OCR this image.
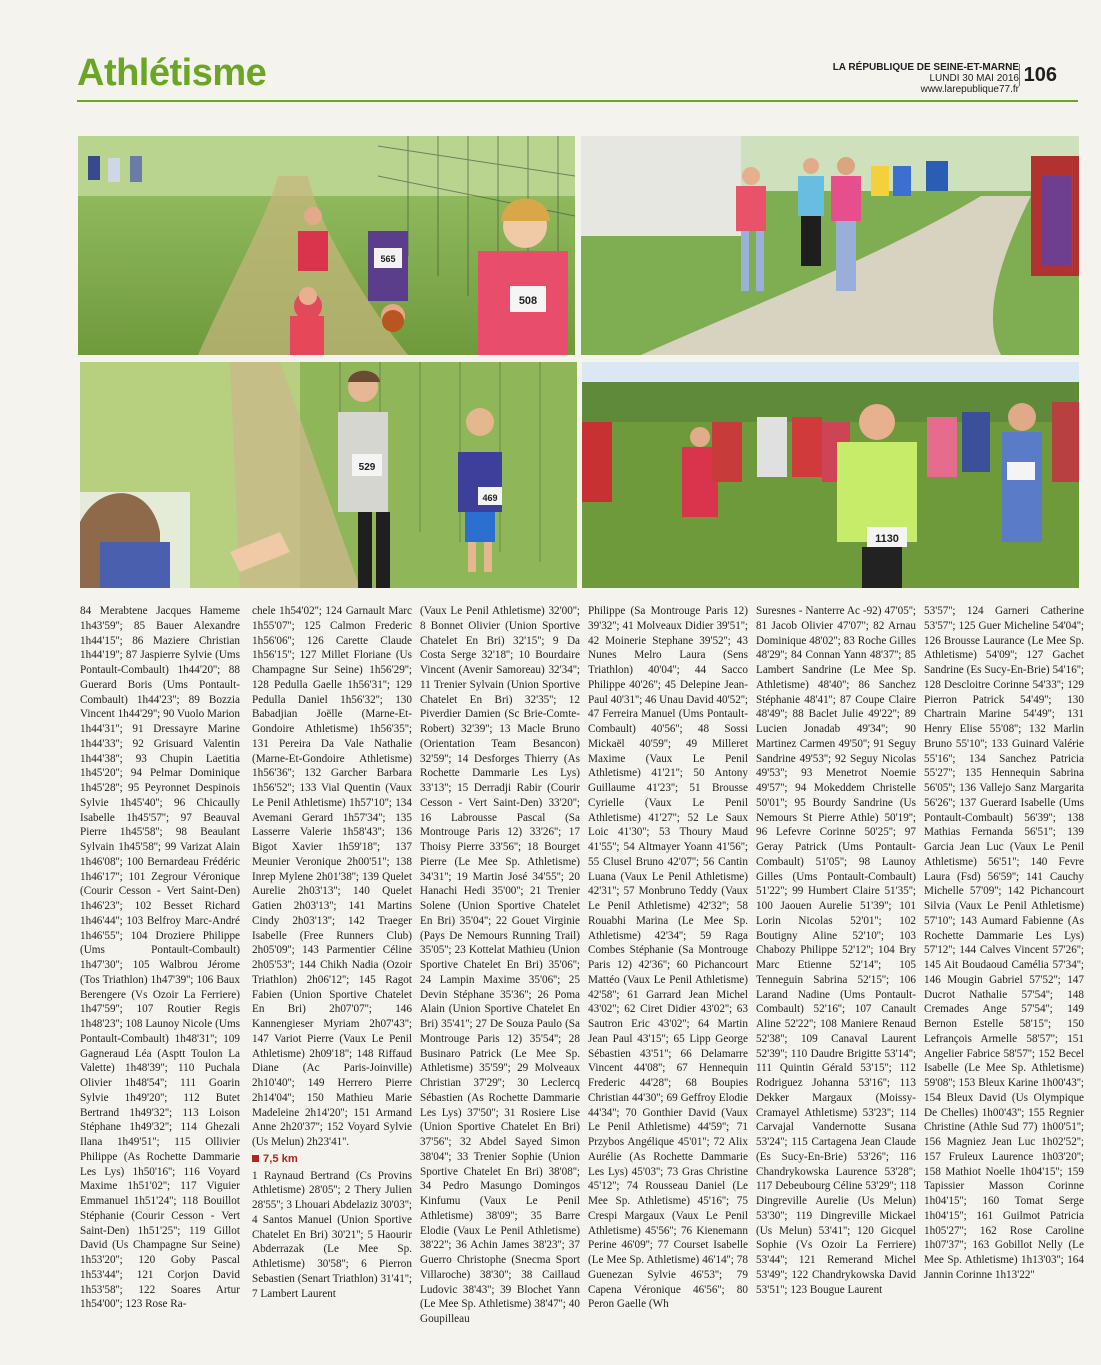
Athlétisme	LA RÉPUBLIQUE DE SEINE-ET-MARNE
LUNDI 30 MAI 2016
www.larepublique77.fr
106
508
565
529
469
1130
84 Merabtene Jacques Hameme 1h43'59''; 85 Bauer Alexandre 1h44'15''; 86 Maziere Christian 1h44'19''; 87 Jaspierre Sylvie (Ums Pontault-Combault) 1h44'20''; 88 Guerard Boris (Ums Pontault-Combault) 1h44'23''; 89 Bozzia Vincent 1h44'29''; 90 Vuolo Marion 1h44'31''; 91 Dressayre Marine 1h44'33''; 92 Grisuard Valentin 1h44'38''; 93 Chupin Laetitia 1h45'20''; 94 Pelmar Dominique 1h45'28''; 95 Peyronnet Despinois Sylvie 1h45'40''; 96 Chicaully Isabelle 1h45'57''; 97 Beauval Pierre 1h45'58''; 98 Beaulant Sylvain 1h45'58''; 99 Varizat Alain 1h46'08''; 100 Bernardeau Frédéric 1h46'17''; 101 Zegrour Véronique (Courir Cesson - Vert Saint-Den) 1h46'23''; 102 Besset Richard 1h46'44''; 103 Belfroy Marc-André 1h46'55''; 104 Droziere Philippe (Ums Pontault-Combault) 1h47'30''; 105 Walbrou Jérome (Tos Triathlon) 1h47'39''; 106 Baux Berengere (Vs Ozoir La Ferriere) 1h47'59''; 107 Routier Regis 1h48'23''; 108 Launoy Nicole (Ums Pontault-Combault) 1h48'31''; 109 Gagneraud Léa (Asptt Toulon La Valette) 1h48'39''; 110 Puchala Olivier 1h48'54''; 111 Goarin Sylvie 1h49'20''; 112 Butet Bertrand 1h49'32''; 113 Loison Stéphane 1h49'32''; 114 Ghezali Ilana 1h49'51''; 115 Ollivier Philippe (As Rochette Dammarie Les Lys) 1h50'16''; 116 Voyard Maxime 1h51'02''; 117 Viguier Emmanuel 1h51'24''; 118 Bouillot Stéphanie (Courir Cesson - Vert Saint-Den) 1h51'25''; 119 Gillot David (Us Champagne Sur Seine) 1h53'20''; 120 Goby Pascal 1h53'44''; 121 Corjon David 1h53'58''; 122 Soares Artur 1h54'00''; 123 Rose Ra-
chele 1h54'02''; 124 Garnault Marc 1h55'07''; 125 Calmon Frederic 1h56'06''; 126 Carette Claude 1h56'15''; 127 Millet Floriane (Us Champagne Sur Seine) 1h56'29''; 128 Pedulla Gaelle 1h56'31''; 129 Pedulla Daniel 1h56'32''; 130 Babadjian Joëlle (Marne-Et-Gondoire Athletisme) 1h56'35''; 131 Pereira Da Vale Nathalie (Marne-Et-Gondoire Athletisme) 1h56'36''; 132 Garcher Barbara 1h56'52''; 133 Vial Quentin (Vaux Le Penil Athletisme) 1h57'10''; 134 Avemani Gerard 1h57'34''; 135 Lasserre Valerie 1h58'43''; 136 Bigot Xavier 1h59'18''; 137 Meunier Veronique 2h00'51''; 138 Inrep Mylene 2h01'38''; 139 Quelet Aurelie 2h03'13''; 140 Quelet Gatien 2h03'13''; 141 Martins Cindy 2h03'13''; 142 Traeger Isabelle (Free Runners Club) 2h05'09''; 143 Parmentier Céline 2h05'53''; 144 Chikh Nadia (Ozoir Triathlon) 2h06'12''; 145 Ragot Fabien (Union Sportive Chatelet En Bri) 2h07'07''; 146 Kannengieser Myriam 2h07'43''; 147 Variot Pierre (Vaux Le Penil Athletisme) 2h09'18''; 148 Riffaud Diane (Ac Paris-Joinville) 2h10'40''; 149 Herrero Pierre 2h14'04''; 150 Mathieu Marie Madeleine 2h14'20''; 151 Armand Anne 2h20'37''; 152 Voyard Sylvie (Us Melun) 2h23'41''.
7,5 km
1 Raynaud Bertrand (Cs Provins Athletisme) 28'05''; 2 Thery Julien 28'55''; 3 Lhouari Abdelaziz 30'03''; 4 Santos Manuel (Union Sportive Chatelet En Bri) 30'21''; 5 Haourir Abderrazak (Le Mee Sp. Athletisme) 30'58''; 6 Pierron Sebastien (Senart Triathlon) 31'41''; 7 Lambert Laurent
(Vaux Le Penil Athletisme) 32'00''; 8 Bonnet Olivier (Union Sportive Chatelet En Bri) 32'15''; 9 Da Costa Serge 32'18''; 10 Bourdaire Vincent (Avenir Samoreau) 32'34''; 11 Trenier Sylvain (Union Sportive Chatelet En Bri) 32'35''; 12 Piverdier Damien (Sc Brie-Comte-Robert) 32'39''; 13 Macle Bruno (Orientation Team Besancon) 32'59''; 14 Desforges Thierry (As Rochette Dammarie Les Lys) 33'13''; 15 Derradji Rabir (Courir Cesson - Vert Saint-Den) 33'20''; 16 Labrousse Pascal (Sa Montrouge Paris 12) 33'26''; 17 Thoisy Pierre 33'56''; 18 Bourget Pierre (Le Mee Sp. Athletisme) 34'31''; 19 Martin José 34'55''; 20 Hanachi Hedi 35'00''; 21 Trenier Solene (Union Sportive Chatelet En Bri) 35'04''; 22 Gouet Virginie (Pays De Nemours Running Trail) 35'05''; 23 Kottelat Mathieu (Union Sportive Chatelet En Bri) 35'06''; 24 Lampin Maxime 35'06''; 25 Devin Stéphane 35'36''; 26 Poma Alain (Union Sportive Chatelet En Bri) 35'41''; 27 De Souza Paulo (Sa Montrouge Paris 12) 35'54''; 28 Businaro Patrick (Le Mee Sp. Athletisme) 35'59''; 29 Molveaux Christian 37'29''; 30 Leclercq Sébastien (As Rochette Dammarie Les Lys) 37'50''; 31 Rosiere Lise (Union Sportive Chatelet En Bri) 37'56''; 32 Abdel Sayed Simon 38'04''; 33 Trenier Sophie (Union Sportive Chatelet En Bri) 38'08''; 34 Pedro Masungo Domingos Kinfumu (Vaux Le Penil Athletisme) 38'09''; 35 Barre Elodie (Vaux Le Penil Athletisme) 38'22''; 36 Achin James 38'23''; 37 Guerro Christophe (Snecma Sport Villaroche) 38'30''; 38 Caillaud Ludovic 38'43''; 39 Blochet Yann (Le Mee Sp. Athletisme) 38'47''; 40 Goupilleau
Philippe (Sa Montrouge Paris 12) 39'32''; 41 Molveaux Didier 39'51''; 42 Moinerie Stephane 39'52''; 43 Nunes Melro Laura (Sens Triathlon) 40'04''; 44 Sacco Philippe 40'26''; 45 Delepine Jean-Paul 40'31''; 46 Unau David 40'52''; 47 Ferreira Manuel (Ums Pontault-Combault) 40'56''; 48 Sossi Mickaël 40'59''; 49 Milleret Maxime (Vaux Le Penil Athletisme) 41'21''; 50 Antony Guillaume 41'23''; 51 Brousse Cyrielle (Vaux Le Penil Athletisme) 41'27''; 52 Le Saux Loic 41'30''; 53 Thoury Maud 41'55''; 54 Altmayer Yoann 41'56''; 55 Clusel Bruno 42'07''; 56 Cantin Luana (Vaux Le Penil Athletisme) 42'31''; 57 Monbruno Teddy (Vaux Le Penil Athletisme) 42'32''; 58 Rouabhi Marina (Le Mee Sp. Athletisme) 42'34''; 59 Raga Combes Stéphanie (Sa Montrouge Paris 12) 42'36''; 60 Pichancourt Mattéo (Vaux Le Penil Athletisme) 42'58''; 61 Garrard Jean Michel 43'02''; 62 Ciret Didier 43'02''; 63 Sautron Eric 43'02''; 64 Martin Jean Paul 43'15''; 65 Lipp George Sébastien 43'51''; 66 Delamarre Vincent 44'08''; 67 Hennequin Frederic 44'28''; 68 Boupies Christian 44'30''; 69 Geffroy Elodie 44'34''; 70 Gonthier David (Vaux Le Penil Athletisme) 44'59''; 71 Przybos Angélique 45'01''; 72 Alix Aurélie (As Rochette Dammarie Les Lys) 45'03''; 73 Gras Christine 45'12''; 74 Rousseau Daniel (Le Mee Sp. Athletisme) 45'16''; 75 Crespi Margaux (Vaux Le Penil Athletisme) 45'56''; 76 Kienemann Perine 46'09''; 77 Courset Isabelle (Le Mee Sp. Athletisme) 46'14''; 78 Guenezan Sylvie 46'53''; 79 Capena Véronique 46'56''; 80 Peron Gaelle (Wh
Suresnes - Nanterre Ac -92) 47'05''; 81 Jacob Olivier 47'07''; 82 Arnau Dominique 48'02''; 83 Roche Gilles 48'29''; 84 Connan Yann 48'37''; 85 Lambert Sandrine (Le Mee Sp. Athletisme) 48'40''; 86 Sanchez Stéphanie 48'41''; 87 Coupe Claire 48'49''; 88 Baclet Julie 49'22''; 89 Lucien Jonadab 49'34''; 90 Martinez Carmen 49'50''; 91 Seguy Sandrine 49'53''; 92 Seguy Nicolas 49'53''; 93 Menetrot Noemie 49'57''; 94 Mokeddem Christelle 50'01''; 95 Bourdy Sandrine (Us Nemours St Pierre Athle) 50'19''; 96 Lefevre Corinne 50'25''; 97 Geray Patrick (Ums Pontault-Combault) 51'05''; 98 Launoy Gilles (Ums Pontault-Combault) 51'22''; 99 Humbert Claire 51'35''; 100 Jaouen Aurelie 51'39''; 101 Lorin Nicolas 52'01''; 102 Boutigny Aline 52'10''; 103 Chabozy Philippe 52'12''; 104 Bry Marc Etienne 52'14''; 105 Tenneguin Sabrina 52'15''; 106 Larand Nadine (Ums Pontault-Combault) 52'16''; 107 Canault Aline 52'22''; 108 Maniere Renaud 52'38''; 109 Canaval Laurent 52'39''; 110 Daudre Brigitte 53'14''; 111 Quintin Gérald 53'15''; 112 Rodriguez Johanna 53'16''; 113 Dekker Margaux (Moissy-Cramayel Athletisme) 53'23''; 114 Carvajal Vandernotte Susana 53'24''; 115 Cartagena Jean Claude (Es Sucy-En-Brie) 53'26''; 116 Chandrykowska Laurence 53'28''; 117 Debeubourg Céline 53'29''; 118 Dingreville Aurelie (Us Melun) 53'30''; 119 Dingreville Mickael (Us Melun) 53'41''; 120 Gicquel Sophie (Vs Ozoir La Ferriere) 53'44''; 121 Remerand Michel 53'49''; 122 Chandrykowska David 53'51''; 123 Bougue Laurent
53'57''; 124 Garneri Catherine 53'57''; 125 Guer Micheline 54'04''; 126 Brousse Laurance (Le Mee Sp. Athletisme) 54'09''; 127 Gachet Sandrine (Es Sucy-En-Brie) 54'16''; 128 Descloitre Corinne 54'33''; 129 Pierron Patrick 54'49''; 130 Chartrain Marine 54'49''; 131 Henry Elise 55'08''; 132 Marlin Bruno 55'10''; 133 Guinard Valérie 55'16''; 134 Sanchez Patricia 55'27''; 135 Hennequin Sabrina 56'05''; 136 Vallejo Sanz Margarita 56'26''; 137 Guerard Isabelle (Ums Pontault-Combault) 56'39''; 138 Mathias Fernanda 56'51''; 139 Garcia Jean Luc (Vaux Le Penil Athletisme) 56'51''; 140 Fevre Laura (Fsd) 56'59''; 141 Cauchy Michelle 57'09''; 142 Pichancourt Silvia (Vaux Le Penil Athletisme) 57'10''; 143 Aumard Fabienne (As Rochette Dammarie Les Lys) 57'12''; 144 Calves Vincent 57'26''; 145 Ait Boudaoud Camélia 57'34''; 146 Mougin Gabriel 57'52''; 147 Ducrot Nathalie 57'54''; 148 Cremades Ange 57'54''; 149 Bernon Estelle 58'15''; 150 Lefrançois Armelle 58'57''; 151 Angelier Fabrice 58'57''; 152 Becel Isabelle (Le Mee Sp. Athletisme) 59'08''; 153 Bleux Karine 1h00'43''; 154 Bleux David (Us Olympique De Chelles) 1h00'43''; 155 Regnier Christine (Athle Sud 77) 1h00'51''; 156 Magniez Jean Luc 1h02'52''; 157 Fruleux Laurence 1h03'20''; 158 Mathiot Noelle 1h04'15''; 159 Tapissier Masson Corinne 1h04'15''; 160 Tomat Serge 1h04'15''; 161 Guilmot Patricia 1h05'27''; 162 Rose Caroline 1h07'37''; 163 Gobillot Nelly (Le Mee Sp. Athletisme) 1h13'03''; 164 Jannin Corinne 1h13'22''
